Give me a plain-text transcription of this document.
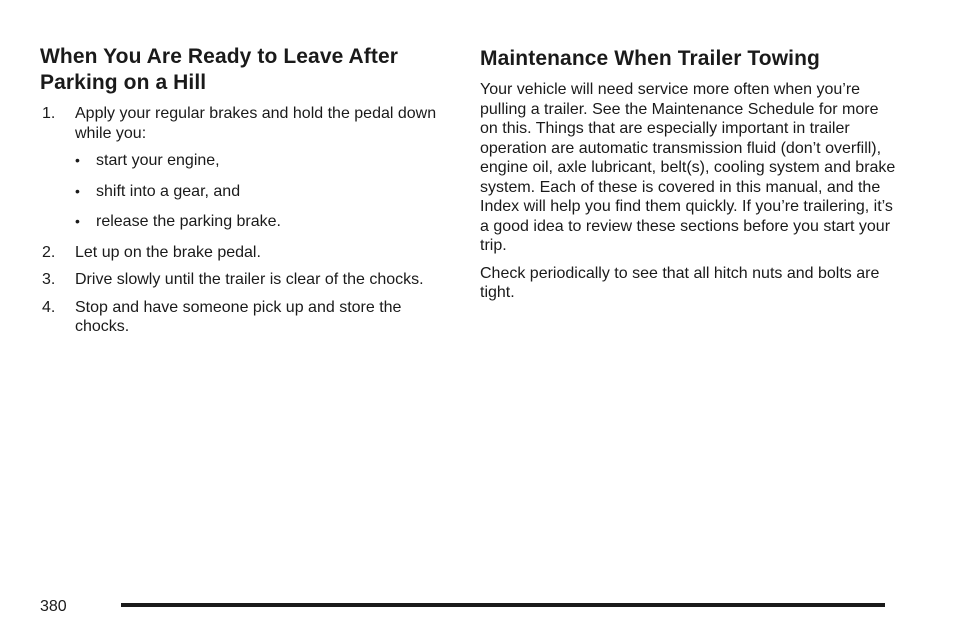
When You Are Ready to Leave After Parking on a Hill
1. Apply your regular brakes and hold the pedal down while you:
• start your engine,
• shift into a gear, and
• release the parking brake.
2. Let up on the brake pedal.
3. Drive slowly until the trailer is clear of the chocks.
4. Stop and have someone pick up and store the chocks.
Maintenance When Trailer Towing

Your vehicle will need service more often when you’re pulling a trailer. See the Maintenance Schedule for more on this. Things that are especially important in trailer operation are automatic transmission fluid (don’t overfill), engine oil, axle lubricant, belt(s), cooling system and brake system. Each of these is covered in this manual, and the Index will help you find them quickly. If you’re trailering, it’s a good idea to review these sections before you start your trip.

Check periodically to see that all hitch nuts and bolts are tight.

380
